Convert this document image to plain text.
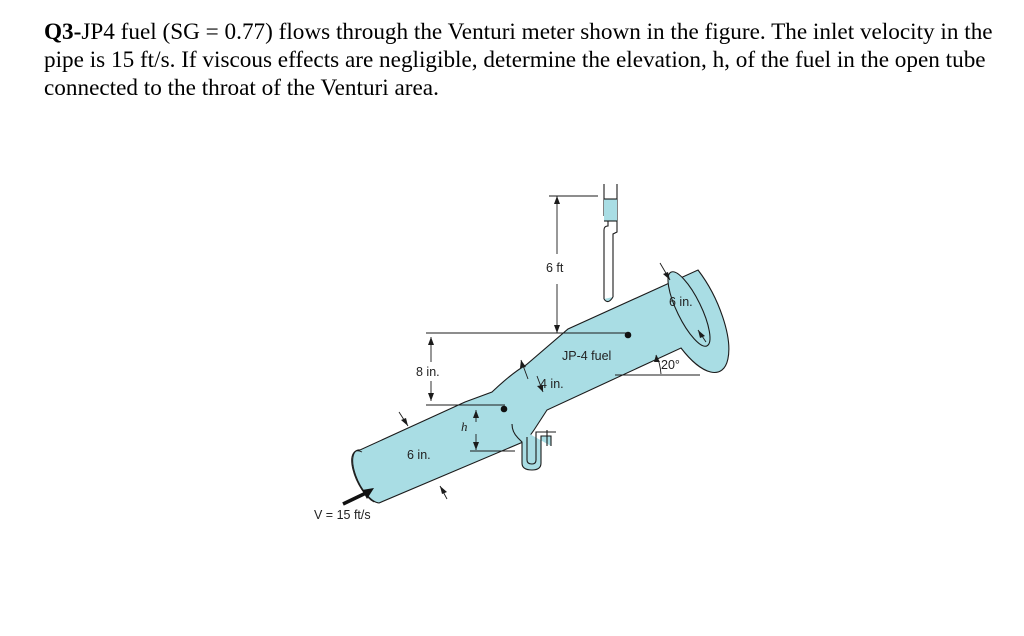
Q3-JP4 fuel (SG = 0.77) flows through the Venturi meter shown in the figure. The inlet velocity in the pipe is 15 ft/s. If viscous effects are negligible, determine the elevation, h, of the fuel in the open tube connected to the throat of the Venturi area.
6 ft
6 in.
JP-4 fuel
20°
8 in.
4 in.
h
6 in.
V = 15 ft/s
